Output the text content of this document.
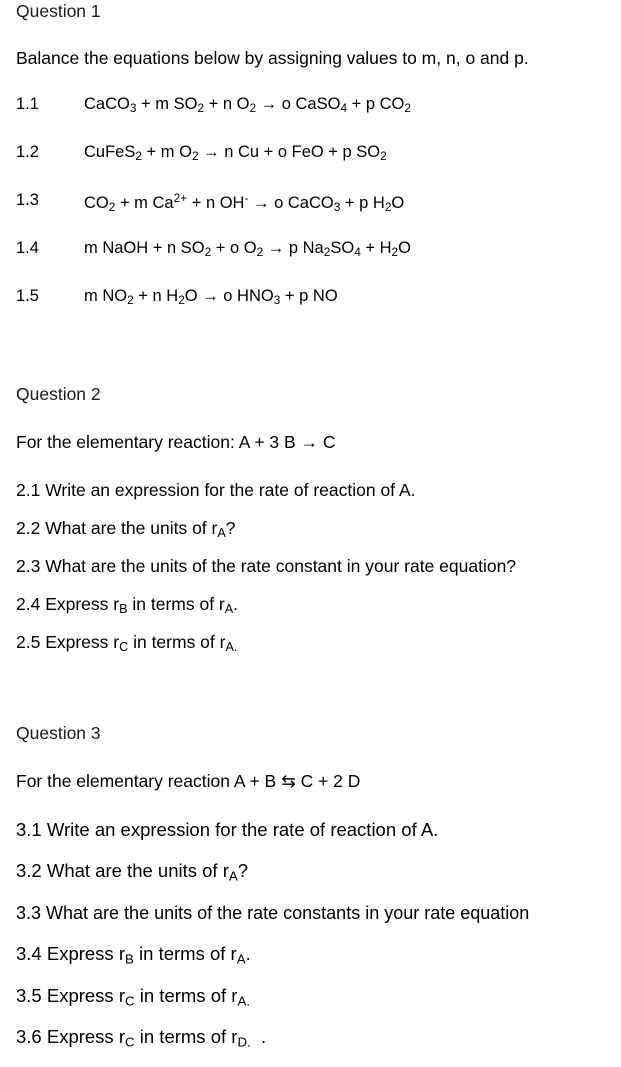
Question 1
Balance the equations below by assigning values to m, n, o and p.
1.1	CaCO$_3$ + m $SO_2 + n$ $O_2 \to o$ CaSO$_4$ + p $CO_2$
1.2	CuFeS$_2$ + m $O_2 \to n$ Cu + o FeO + p $SO_2$
1.3	$CO_2 + m$ $Ca^{2+} + n$ OH- → o CaCO$_3$ + p $H_2O$
1.4	m NaOH + n $SO_2 + o$ $O_2 \to p$ $Na_2SO_4 + H_2O$
1.5	m $NO_2 + n$ $H_2O \to o$ $HNO_3 + p$ NO
Question 2
For the elementary reaction: A + 3 B → C
2.1 Write an expression for the rate of reaction of A.
2.2 What are the units of $r_A$?
2.3 What are the units of the rate constant in your rate equation?
2.4 Express $r_B$ in terms of $r_A$.
2.5 Express $r_C$ in terms of $r_{A.}$
Question 3
For the elementary reaction A + B ⇆ C + 2 D
3.1 Write an expression for the rate of reaction of A.
3.2 What are the units of $r_A$?
3.3 What are the units of the rate constants in your rate equation
3.4 Express $r_B$ in terms of $r_A$.
3.5 Express $r_C$ in terms of $r_{A.}$
3.6 Express $r_C$ in terms of $r_{D.}$  .
